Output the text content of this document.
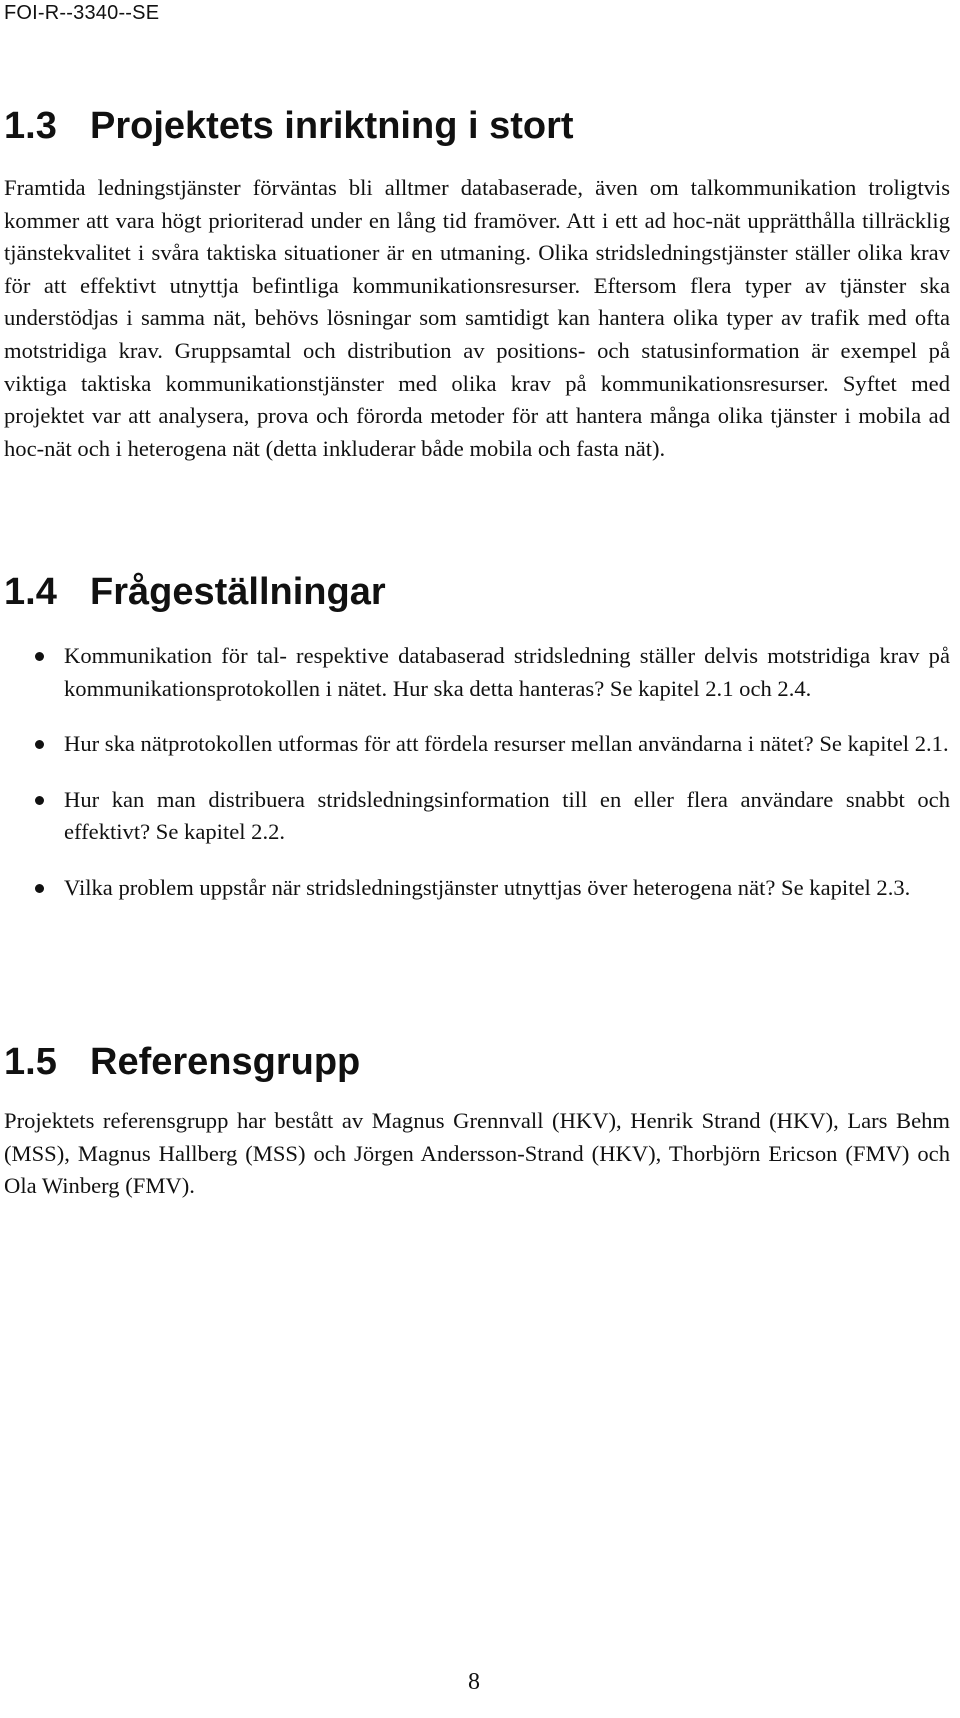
FOI-R--3340--SE
1.3 Projektets inriktning i stort

Framtida ledningstjänster förväntas bli alltmer databaserade, även om talkommunikation troligtvis kommer att vara högt prioriterad under en lång tid framöver. Att i ett ad hoc-nät upprätthålla tillräcklig tjänstekvalitet i svåra taktiska situationer är en utmaning. Olika stridsledningstjänster ställer olika krav för att effektivt utnyttja befintliga kommunikationsresurser. Eftersom flera typer av tjänster ska understödjas i samma nät, behövs lösningar som samtidigt kan hantera olika typer av trafik med ofta motstridiga krav. Gruppsamtal och distribution av positions- och statusinformation är exempel på viktiga taktiska kommunikationstjänster med olika krav på kommunikationsresurser. Syftet med projektet var att analysera, prova och förorda metoder för att hantera många olika tjänster i mobila ad hoc-nät och i heterogena nät (detta inkluderar både mobila och fasta nät).

1.4 Frågeställningar
Kommunikation för tal- respektive databaserad stridsledning ställer delvis motstridiga krav på kommunikationsprotokollen i nätet. Hur ska detta hanteras? Se kapitel 2.1 och 2.4.
Hur ska nätprotokollen utformas för att fördela resurser mellan användarna i nätet? Se kapitel 2.1.
Hur kan man distribuera stridsledningsinformation till en eller flera användare snabbt och effektivt? Se kapitel 2.2.
Vilka problem uppstår när stridsledningstjänster utnyttjas över heterogena nät? Se kapitel 2.3.
1.5 Referensgrupp

Projektets referensgrupp har bestått av Magnus Grennvall (HKV), Henrik Strand (HKV), Lars Behm (MSS), Magnus Hallberg (MSS) och Jörgen Andersson-Strand (HKV), Thorbjörn Ericson (FMV) och Ola Winberg (FMV).

8
